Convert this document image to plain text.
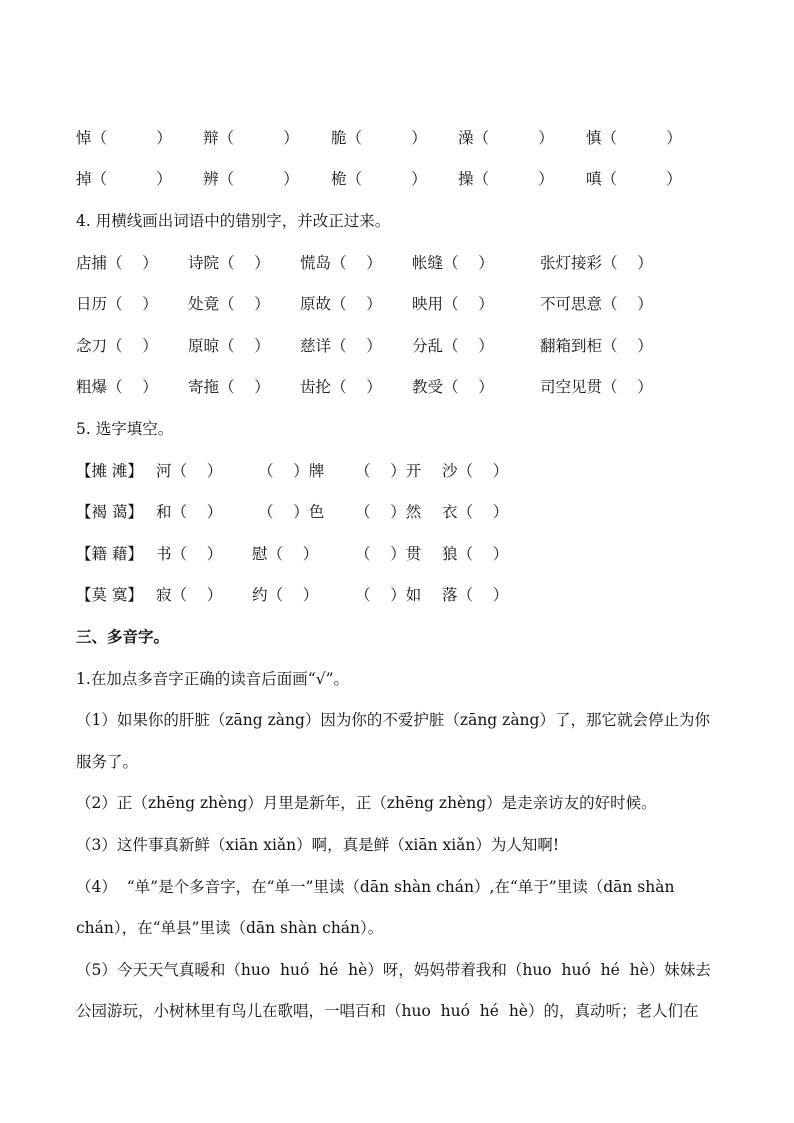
悼（          ） 辩（          ） 脆（          ） 澡（          ） 慎（          ）
掉（          ） 辨（          ） 桅（          ） 操（          ） 嗔（          ）
4. 用横线画出词语中的错别字，并改正过来。
店捕（    ） 诗院（    ） 慌岛（    ） 帐缝（    ）	张灯接彩（    ）
日历（    ） 处竟（    ） 原故（    ） 映用（    ）	不可思意（    ）
念刀（    ） 原晾（    ） 慈详（    ） 分乱（    ）	翻箱到柜（    ）
粗爆（    ） 寄拖（    ） 齿抡（    ） 教受（    ）	司空见贯（    ）
5. 选字填空。
【摊 滩】 河（    ） （    ）牌 （    ）开 沙（    ）
【褐 蔼】 和（    ） （    ）色 （    ）然 衣（    ）
【籍 藉】 书（    ） 慰（    ） （    ）贯 狼（    ）
【莫 寞】 寂（    ） 约（    ） （    ）如 落（    ）
三、多音字。
1.在加点多音字正确的读音后面画“√”。
（1）如果你的肝脏（zāng zàng）因为你的不爱护脏（zāng zàng）了，那它就会停止为你
服务了。
（2）正（zhēng zhèng）月里是新年，正（zhēng zhèng）是走亲访友的好时候。
（3）这件事真新鲜（xiān xiǎn）啊，真是鲜（xiān xiǎn）为人知啊!
（4）  “单”是个多音字，在“单一”里读（dān shàn chán）,在“单于”里读（dān shàn
chán），在“单县”里读（dān shàn chán）。
（5）今天天气真暖和（huo  huó  hé  hè）呀，妈妈带着我和（huo  huó  hé  hè）妹妹去
公园游玩，小树林里有鸟儿在歌唱，一唱百和（huo  huó  hé  hè）的，真动听；老人们在
